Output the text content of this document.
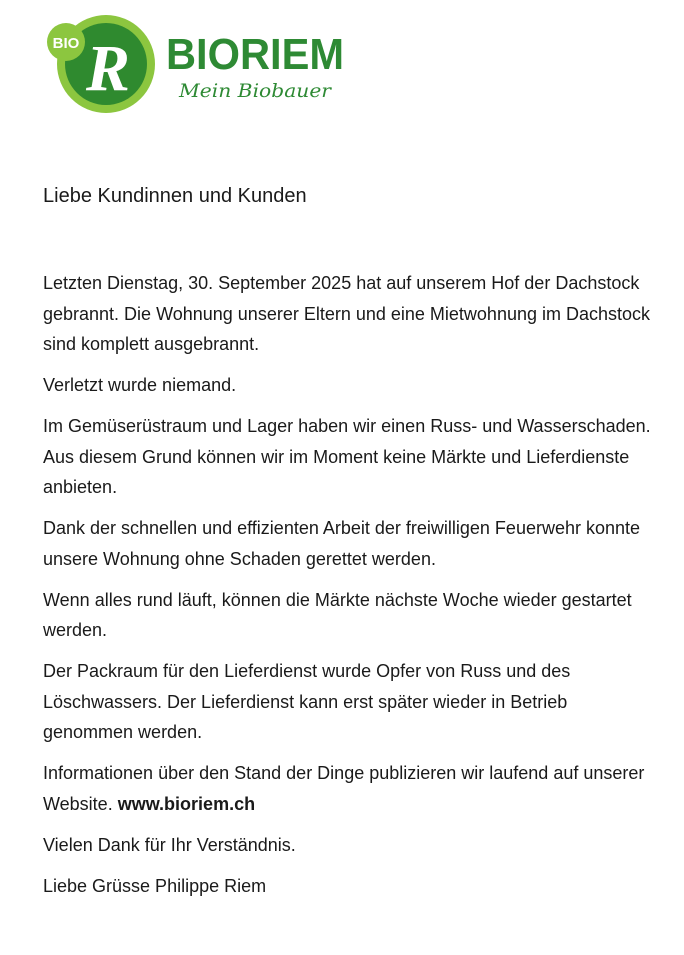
BIO R BIORIEM
Mein Biobauer
Liebe Kundinnen und Kunden

Letzten Dienstag, 30. September 2025 hat auf unserem Hof der Dachstock gebrannt. Die Wohnung unserer Eltern und eine Mietwohnung im Dachstock sind komplett ausgebrannt.

Verletzt wurde niemand.

Im Gemüserüstraum und Lager haben wir einen Russ- und Wasserschaden. Aus diesem Grund können wir im Moment keine Märkte und Lieferdienste anbieten.

Dank der schnellen und effizienten Arbeit der freiwilligen Feuerwehr konnte unsere Wohnung ohne Schaden gerettet werden.

Wenn alles rund läuft, können die Märkte nächste Woche wieder gestartet werden.

Der Packraum für den Lieferdienst wurde Opfer von Russ und des Löschwassers. Der Lieferdienst kann erst später wieder in Betrieb genommen werden.

Informationen über den Stand der Dinge publizieren wir laufend auf unserer Website. www.bioriem.ch

Vielen Dank für Ihr Verständnis.

Liebe Grüsse Philippe Riem
